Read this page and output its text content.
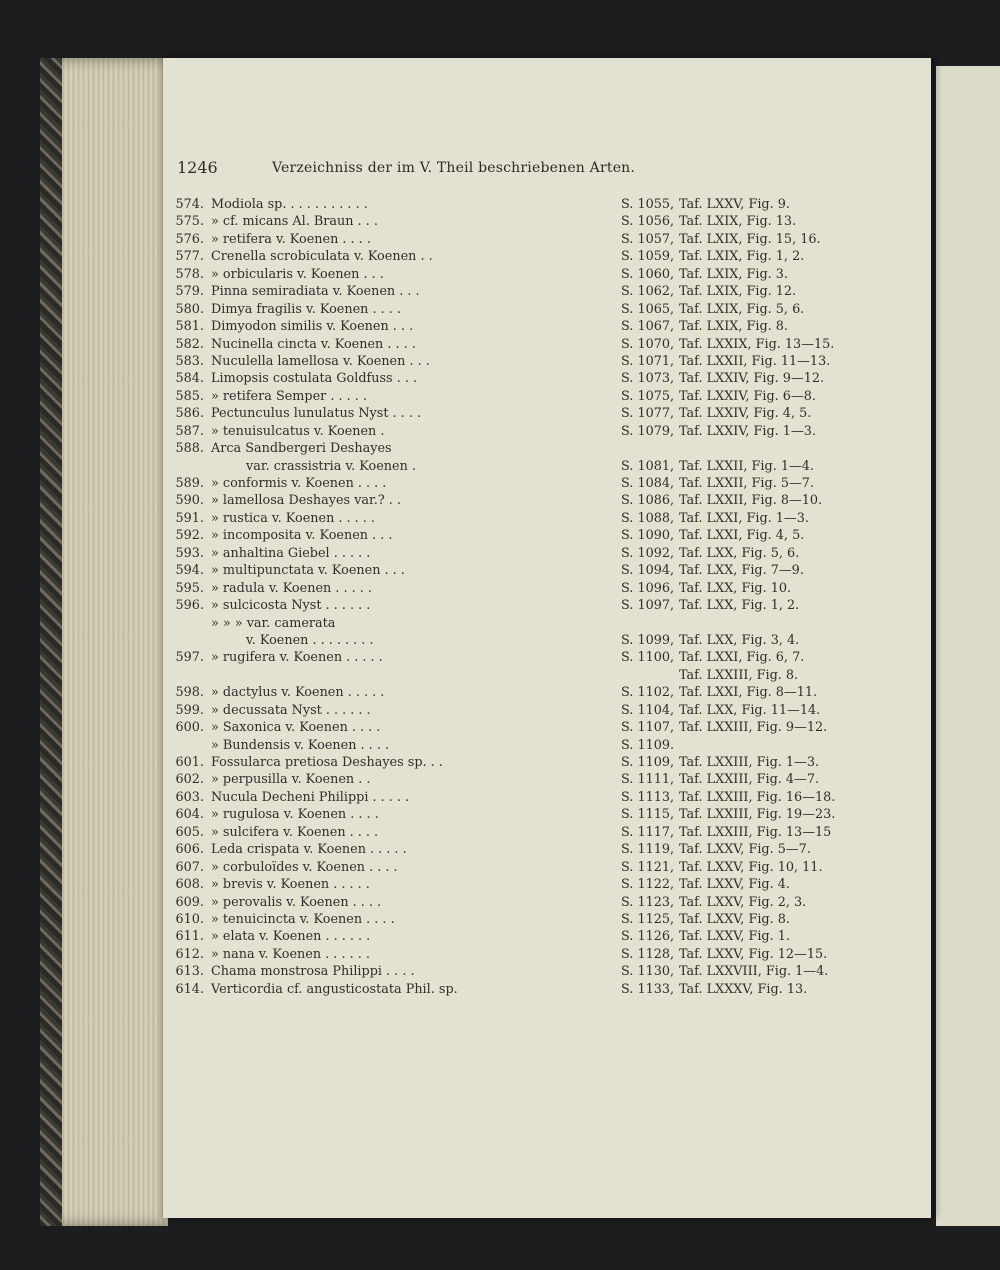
1246	Verzeichniss der im V. Theil beschriebenen Arten.
574. Modiola sp. . . . . . . . . . .	S. 1055, Taf. LXXV, Fig. 9.
575. » cf. micans Al. Braun . . .	S. 1056, Taf. LXIX, Fig. 13.
576. » retifera v. Koenen . . . .	S. 1057, Taf. LXIX, Fig. 15, 16.
577. Crenella scrobiculata v. Koenen . .	S. 1059, Taf. LXIX, Fig. 1, 2.
578. » orbicularis v. Koenen . . .	S. 1060, Taf. LXIX, Fig. 3.
579. Pinna semiradiata v. Koenen . . .	S. 1062, Taf. LXIX, Fig. 12.
580. Dimya fragilis v. Koenen . . . .	S. 1065, Taf. LXIX, Fig. 5, 6.
581. Dimyodon similis v. Koenen . . .	S. 1067, Taf. LXIX, Fig. 8.
582. Nucinella cincta v. Koenen . . . .	S. 1070, Taf. LXXIX, Fig. 13—15.
583. Nuculella lamellosa v. Koenen . . .	S. 1071, Taf. LXXII, Fig. 11—13.
584. Limopsis costulata Goldfuss . . .	S. 1073, Taf. LXXIV, Fig. 9—12.
585. » retifera Semper . . . . .	S. 1075, Taf. LXXIV, Fig. 6—8.
586. Pectunculus lunulatus Nyst . . . .	S. 1077, Taf. LXXIV, Fig. 4, 5.
587. » tenuisulcatus v. Koenen .	S. 1079, Taf. LXXIV, Fig. 1—3.
588. Arca Sandbergeri Deshayes
var. crassistria v. Koenen .	S. 1081, Taf. LXXII, Fig. 1—4.
589. » conformis v. Koenen . . . .	S. 1084, Taf. LXXII, Fig. 5—7.
590. » lamellosa Deshayes var.? . .	S. 1086, Taf. LXXII, Fig. 8—10.
591. » rustica v. Koenen . . . . .	S. 1088, Taf. LXXI, Fig. 1—3.
592. » incomposita v. Koenen . . .	S. 1090, Taf. LXXI, Fig. 4, 5.
593. » anhaltina Giebel . . . . .	S. 1092, Taf. LXX, Fig. 5, 6.
594. » multipunctata v. Koenen . . .	S. 1094, Taf. LXX, Fig. 7—9.
595. » radula v. Koenen . . . . .	S. 1096, Taf. LXX, Fig. 10.
596. » sulcicosta Nyst . . . . . .	S. 1097, Taf. LXX, Fig. 1, 2.
» » » var. camerata
v. Koenen . . . . . . . .	S. 1099, Taf. LXX, Fig. 3, 4.
597. » rugifera v. Koenen . . . . .	S. 1100, Taf. LXXI, Fig. 6, 7.
Taf. LXXIII, Fig. 8.
598. » dactylus v. Koenen . . . . .	S. 1102, Taf. LXXI, Fig. 8—11.
599. » decussata Nyst . . . . . .	S. 1104, Taf. LXX, Fig. 11—14.
600. » Saxonica v. Koenen . . . .	S. 1107, Taf. LXXIII, Fig. 9—12.
» Bundensis v. Koenen . . . .	S. 1109.
601. Fossularca pretiosa Deshayes sp. . .	S. 1109, Taf. LXXIII, Fig. 1—3.
602. » perpusilla v. Koenen . .	S. 1111, Taf. LXXIII, Fig. 4—7.
603. Nucula Decheni Philippi . . . . .	S. 1113, Taf. LXXIII, Fig. 16—18.
604. » rugulosa v. Koenen . . . .	S. 1115, Taf. LXXIII, Fig. 19—23.
605. » sulcifera v. Koenen . . . .	S. 1117, Taf. LXXIII, Fig. 13—15
606. Leda crispata v. Koenen . . . . .	S. 1119, Taf. LXXV, Fig. 5—7.
607. » corbuloïdes v. Koenen . . . .	S. 1121, Taf. LXXV, Fig. 10, 11.
608. » brevis v. Koenen . . . . .	S. 1122, Taf. LXXV, Fig. 4.
609. » perovalis v. Koenen . . . .	S. 1123, Taf. LXXV, Fig. 2, 3.
610. » tenuicincta v. Koenen . . . .	S. 1125, Taf. LXXV, Fig. 8.
611. » elata v. Koenen . . . . . .	S. 1126, Taf. LXXV, Fig. 1.
612. » nana v. Koenen . . . . . .	S. 1128, Taf. LXXV, Fig. 12—15.
613. Chama monstrosa Philippi . . . .	S. 1130, Taf. LXXVIII, Fig. 1—4.
614. Verticordia cf. angusticostata Phil. sp.	S. 1133, Taf. LXXXV, Fig. 13.
